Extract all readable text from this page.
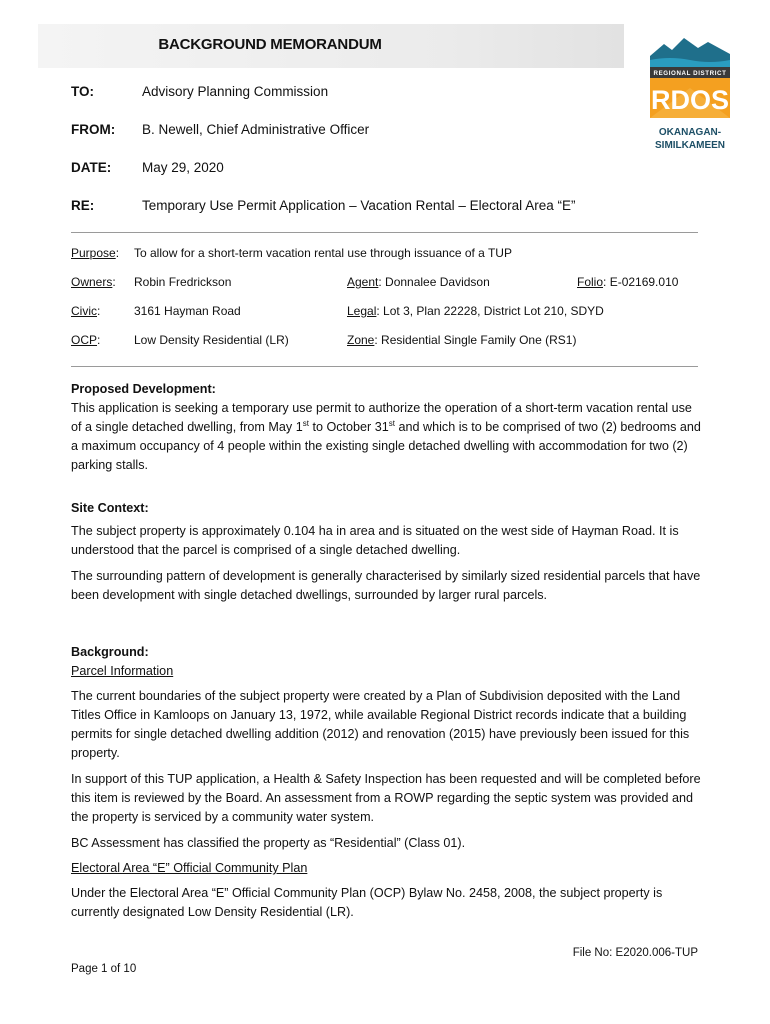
BACKGROUND MEMORANDUM
REGIONAL DISTRICT
RDOS
OKANAGAN-
SIMILKAMEEN
TO:	Advisory Planning Commission
FROM: B. Newell, Chief Administrative Officer
DATE: May 29, 2020
RE:	Temporary Use Permit Application – Vacation Rental – Electoral Area “E”
Purpose: To allow for a short-term vacation rental use through issuance of a TUP
Owners: Robin Fredrickson	Agent: Donnalee Davidson	Folio: E-02169.010
Civic:	3161 Hayman Road	Legal: Lot 3, Plan 22228, District Lot 210, SDYD
OCP:	Low Density Residential (LR)	Zone: Residential Single Family One (RS1)

Proposed Development:

This application is seeking a temporary use permit to authorize the operation of a short-term vacation rental use of a single detached dwelling, from May 1st to October 31st and which is to be comprised of two (2) bedrooms and a maximum occupancy of 4 people within the existing single detached dwelling with accommodation for two (2) parking stalls.

Site Context:

The subject property is approximately 0.104 ha in area and is situated on the west side of Hayman Road. It is understood that the parcel is comprised of a single detached dwelling.

The surrounding pattern of development is generally characterised by similarly sized residential parcels that have been development with single detached dwellings, surrounded by larger rural parcels.

Background:

Parcel Information

The current boundaries of the subject property were created by a Plan of Subdivision deposited with the Land Titles Office in Kamloops on January 13, 1972, while available Regional District records indicate that a building permits for single detached dwelling addition (2012) and renovation (2015) have previously been issued for this property.

In support of this TUP application, a Health & Safety Inspection has been requested and will be completed before this item is reviewed by the Board. An assessment from a ROWP regarding the septic system was provided and the property is serviced by a community water system.

BC Assessment has classified the property as “Residential” (Class 01).

Electoral Area “E” Official Community Plan

Under the Electoral Area “E” Official Community Plan (OCP) Bylaw No. 2458, 2008, the subject property is currently designated Low Density Residential (LR).

File No: E2020.006-TUP
Page 1 of 10
